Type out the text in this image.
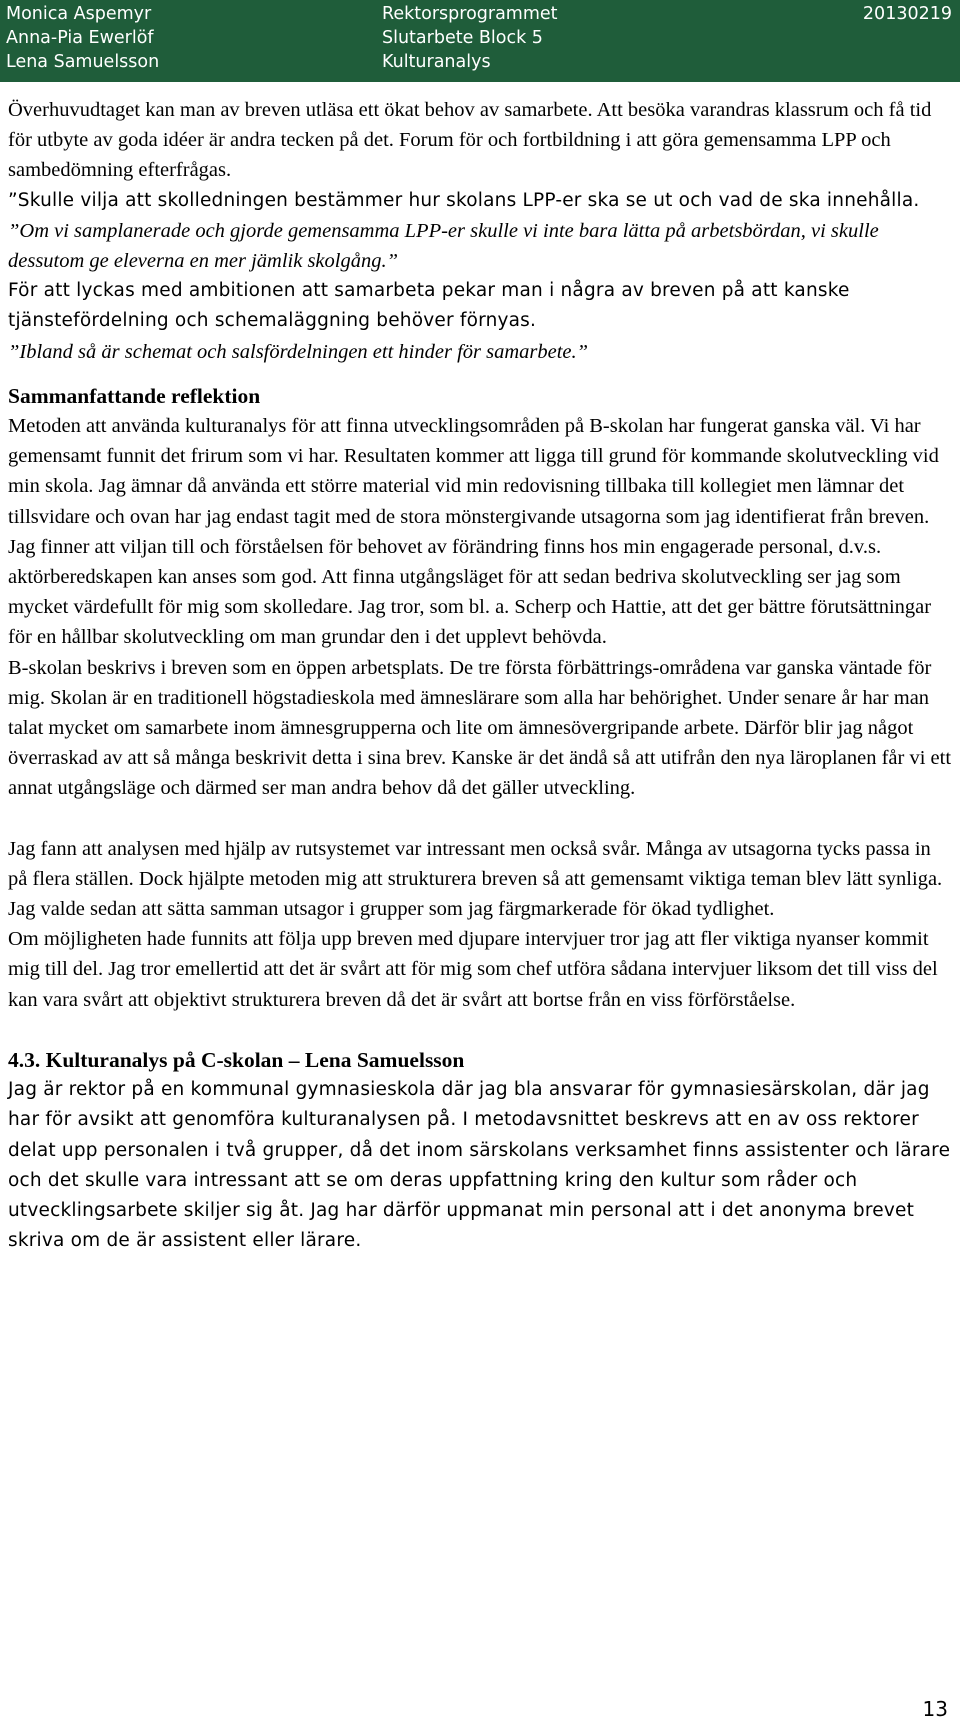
Monica Aspemyr
Anna-Pia Ewerlöf
Lena Samuelsson
Rektorsprogrammet
Slutarbete Block 5
Kulturanalys
20130219

Överhuvudtaget kan man av breven utläsa ett ökat behov av samarbete. Att besöka varandras klassrum och få tid för utbyte av goda idéer är andra tecken på det. Forum för och fortbildning i att göra gemensamma LPP och sambedömning efterfrågas.

”Skulle vilja att skolledningen bestämmer hur skolans LPP-er ska se ut och vad de ska innehålla.

”Om vi samplanerade och gjorde gemensamma LPP-er skulle vi inte bara lätta på arbetsbördan, vi skulle dessutom ge eleverna en mer jämlik skolgång.”

För att lyckas med ambitionen att samarbeta pekar man i några av breven på att kanske tjänstefördelning och schemaläggning behöver förnyas.

”Ibland så är schemat och salsfördelningen ett hinder för samarbete.”

Sammanfattande reflektion

Metoden att använda kulturanalys för att finna utvecklingsområden på B-skolan har fungerat ganska väl. Vi har gemensamt funnit det frirum som vi har. Resultaten kommer att ligga till grund för kommande skolutveckling vid min skola. Jag ämnar då använda ett större material vid min redovisning tillbaka till kollegiet men lämnar det tillsvidare och ovan har jag endast tagit med de stora mönstergivande utsagorna som jag identifierat från breven.

Jag finner att viljan till och förståelsen för behovet av förändring finns hos min engagerade personal, d.v.s. aktörberedskapen kan anses som god. Att finna utgångsläget för att sedan bedriva skolutveckling ser jag som mycket värdefullt för mig som skolledare. Jag tror, som bl. a. Scherp och Hattie, att det ger bättre förutsättningar för en hållbar skolutveckling om man grundar den i det upplevt behövda.

B-skolan beskrivs i breven som en öppen arbetsplats. De tre första förbättrings-områdena var ganska väntade för mig. Skolan är en traditionell högstadieskola med ämneslärare som alla har behörighet. Under senare år har man talat mycket om samarbete inom ämnesgrupperna och lite om ämnesövergripande arbete. Därför blir jag något överraskad av att så många beskrivit detta i sina brev. Kanske är det ändå så att utifrån den nya läroplanen får vi ett annat utgångsläge och därmed ser man andra behov då det gäller utveckling.

Jag fann att analysen med hjälp av rutsystemet var intressant men också svår. Många av utsagorna tycks passa in på flera ställen. Dock hjälpte metoden mig att strukturera breven så att gemensamt viktiga teman blev lätt synliga. Jag valde sedan att sätta samman utsagor i grupper som jag färgmarkerade för ökad tydlighet.

Om möjligheten hade funnits att följa upp breven med djupare intervjuer tror jag att fler viktiga nyanser kommit mig till del. Jag tror emellertid att det är svårt att för mig som chef utföra sådana intervjuer liksom det till viss del kan vara svårt att objektivt strukturera breven då det är svårt att bortse från en viss förförståelse.

4.3. Kulturanalys på C-skolan – Lena Samuelsson

Jag är rektor på en kommunal gymnasieskola där jag bla ansvarar för gymnasiesärskolan, där jag har för avsikt att genomföra kulturanalysen på. I metodavsnittet beskrevs att en av oss rektorer delat upp personalen i två grupper, då det inom särskolans verksamhet finns assistenter och lärare och det skulle vara intressant att se om deras uppfattning kring den kultur som råder och utvecklingsarbete skiljer sig åt. Jag har därför uppmanat min personal att i det anonyma brevet skriva om de är assistent eller lärare.

13
